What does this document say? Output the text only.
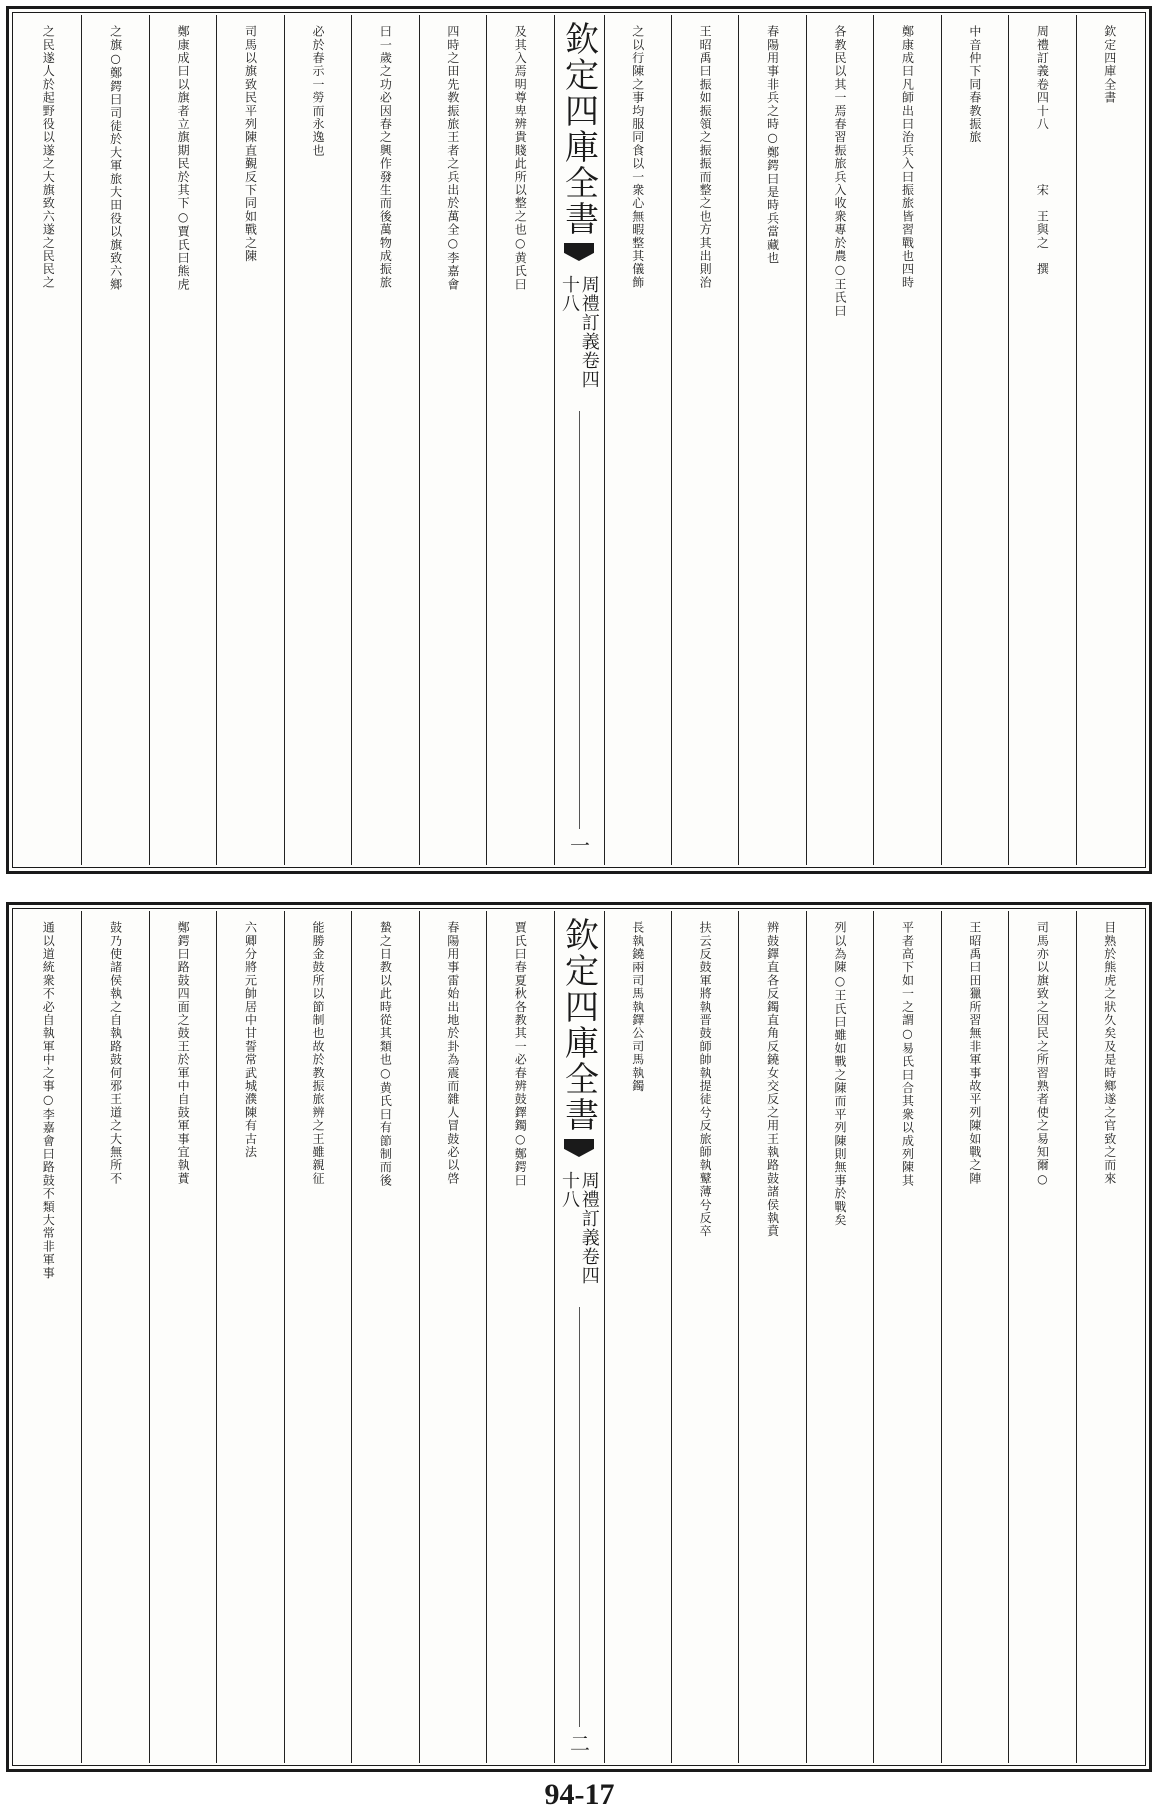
欽定四庫全書
周禮訂義卷四十八　　　　宋　王與之　撰
中音仲下同春教振旅
鄭康成曰凡師出曰治兵入曰振旅皆習戰也四時
各教民以其一焉春習振旅兵入收衆專於農○王氏曰
春陽用事非兵之時○鄭鍔曰是時兵當藏也
王昭禹曰振如振領之振振而整之也方其出則治
之以行陳之事均服同食以一衆心無暇整其儀飾
欽定四庫全書
周禮訂義卷四十八
一
及其入焉明尊卑辨貴賤此所以整之也○黄氏曰
四時之田先教振旅王者之兵出於萬全○李嘉會
曰一歲之功必因春之興作發生而後萬物成振旅
必於春示一勞而永逸也
司馬以旗致民平列陳直覲反下同如戰之陳
鄭康成曰以旗者立旗期民於其下○賈氏曰熊虎
之旗○鄭鍔曰司徒於大軍旅大田役以旗致六鄉
之民遂人於起野役以遂之大旗致六遂之民民之
目熟於熊虎之狀久矣及是時鄉遂之官致之而來
司馬亦以旗致之因民之所習熟者使之易知爾○
王昭禹曰田獵所習無非軍事故平列陳如戰之陣
平者高下如一之謂○易氏曰合其衆以成列陳其
列以為陳○王氏曰雖如戰之陳而平列陳則無事於戰矣
辨鼓鐸直各反鐲直角反鐃女交反之用王執路鼓諸侯執賁
扶云反鼓軍將執晋鼓師帥執提徒兮反旅師執鼙薄兮反卒
長執鐃兩司馬執鐸公司馬執鐲
欽定四庫全書
周禮訂義卷四十八
二
賈氏曰春夏秋各教其一必春辨鼓鐸鐲○鄭鍔曰
春陽用事雷始出地於卦為震而雜人冒鼓必以啓
蟄之日教以此時從其類也○黄氏曰有節制而後
能勝金鼓所以節制也故於教振旅辨之王雖親征
六卿分將元帥居中甘誓常武城濮陳有古法
鄭鍔曰路鼓四面之鼓王於軍中自鼓軍事宜執蕡
鼓乃使諸侯執之自執路鼓何邪王道之大無所不
通以道統衆不必自執軍中之事○李嘉會曰路鼓不類大常非軍事
94-17
